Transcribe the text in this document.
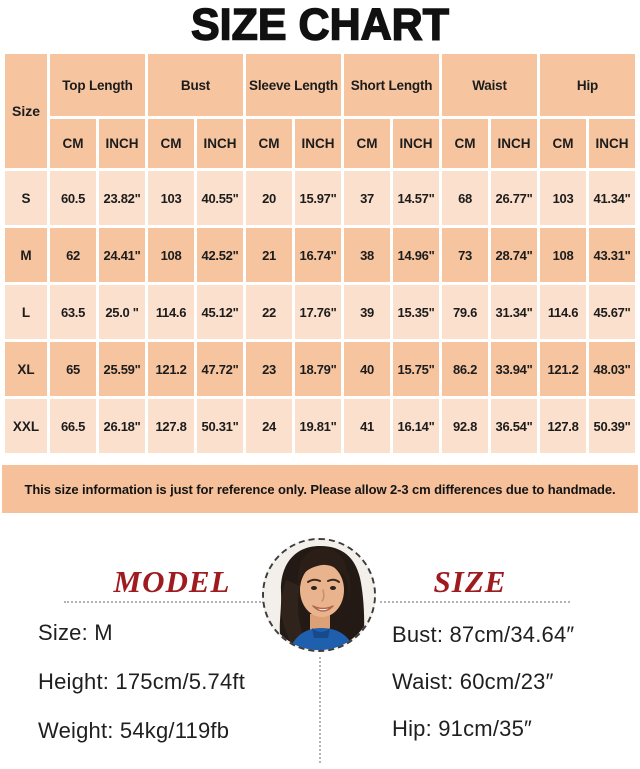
SIZE CHART
Size	Top Length		Bust		Sleeve Length		Short Length		Waist		Hip	
	CM	INCH	CM	INCH	CM	INCH	CM	INCH	CM	INCH	CM	INCH
S	60.5	23.82"	103	40.55"	20	15.97"	37	14.57"	68	26.77"	103	41.34"
M	62	24.41"	108	42.52"	21	16.74"	38	14.96"	73	28.74"	108	43.31"
L	63.5	25.0 "	114.6	45.12"	22	17.76"	39	15.35"	79.6	31.34"	114.6	45.67"
XL	65	25.59"	121.2	47.72"	23	18.79"	40	15.75"	86.2	33.94"	121.2	48.03"
XXL	66.5	26.18"	127.8	50.31"	24	19.81"	41	16.14"	92.8	36.54"	127.8	50.39"
This size information is just for reference only. Please allow 2-3 cm differences due to handmade.
MODEL	SIZE
Size: M
Height: 175cm/5.74ft
Weight: 54kg/119fb
Bust: 87cm/34.64″
Waist: 60cm/23″
Hip: 91cm/35″
